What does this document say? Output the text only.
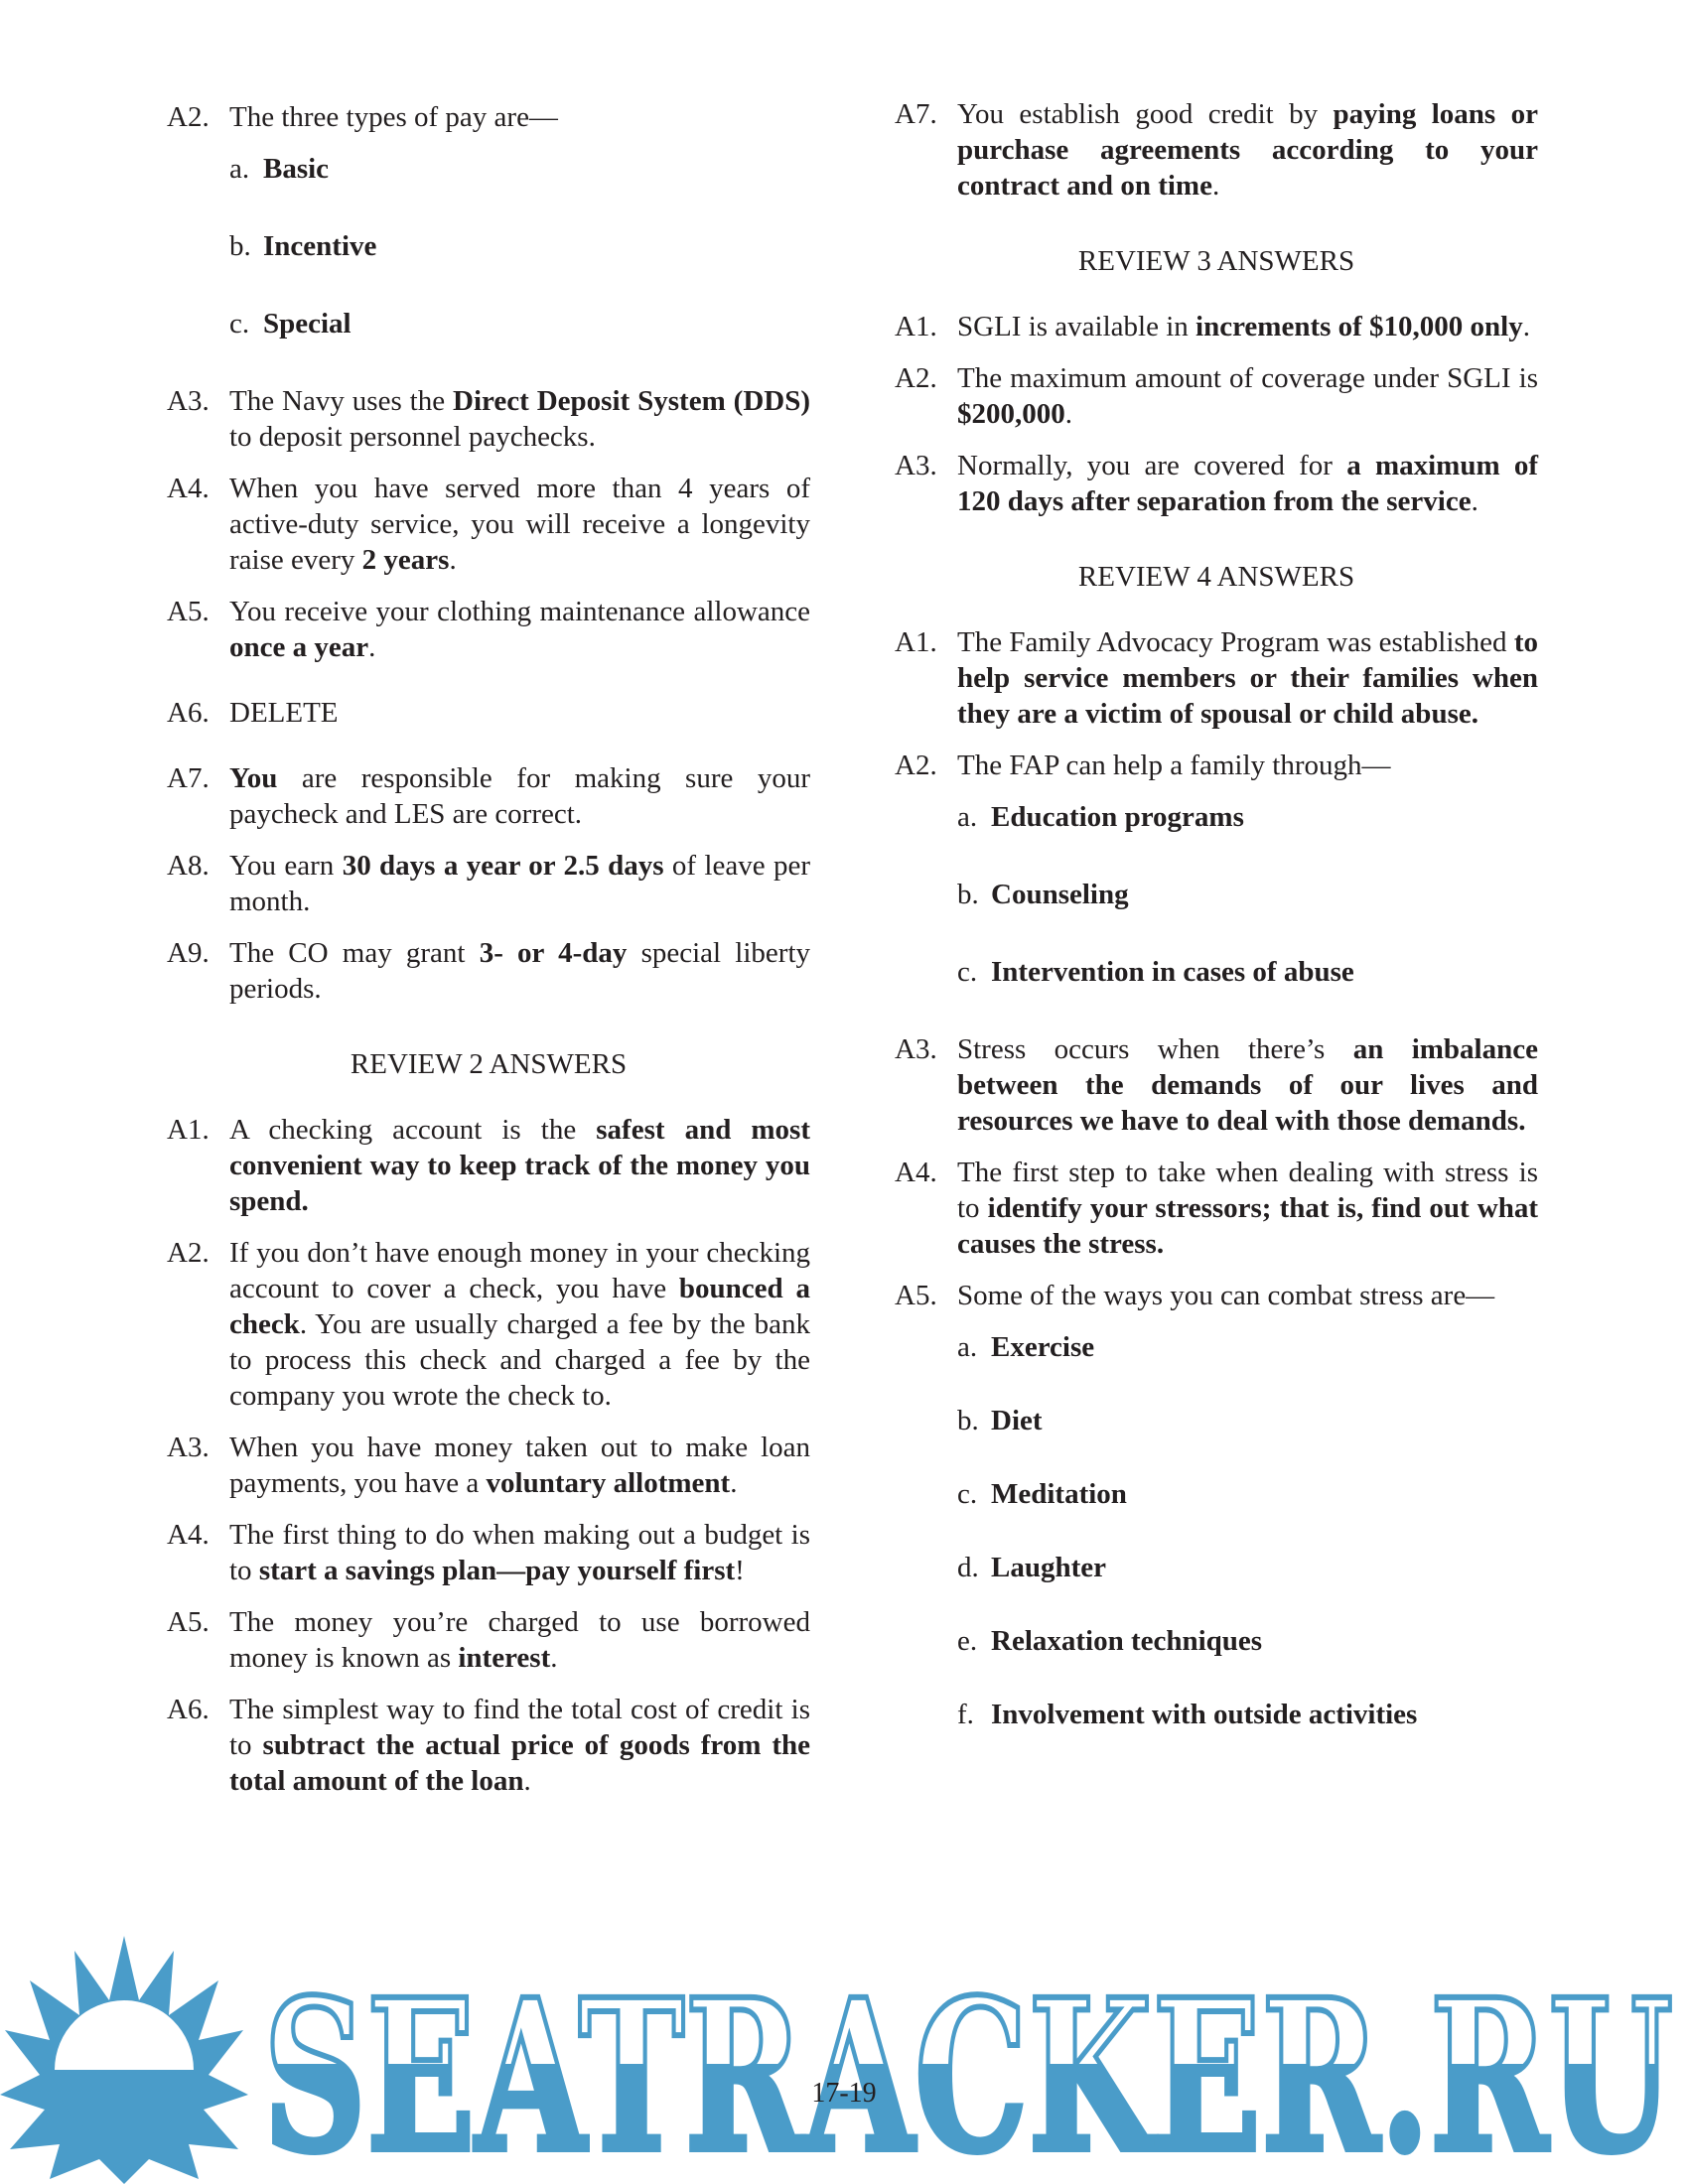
A2. The three types of pay are—
a. Basic
b. Incentive
c. Special
A3. The Navy uses the Direct Deposit System (DDS) to deposit personnel paychecks.
A4. When you have served more than 4 years of active-duty service, you will receive a longevity raise every 2 years.
A5. You receive your clothing maintenance allowance once a year.
A6. DELETE
A7. You are responsible for making sure your paycheck and LES are correct.
A8. You earn 30 days a year or 2.5 days of leave per month.
A9. The CO may grant 3- or 4-day special liberty periods.
REVIEW 2 ANSWERS
A1. A checking account is the safest and most convenient way to keep track of the money you spend.
A2. If you don’t have enough money in your checking account to cover a check, you have bounced a check. You are usually charged a fee by the bank to process this check and charged a fee by the company you wrote the check to.
A3. When you have money taken out to make loan payments, you have a voluntary allotment.
A4. The first thing to do when making out a budget is to start a savings plan—pay yourself first!
A5. The money you’re charged to use borrowed money is known as interest.
A6. The simplest way to find the total cost of credit is to subtract the actual price of goods from the total amount of the loan.
A7. You establish good credit by paying loans or purchase agreements according to your contract and on time.
REVIEW 3 ANSWERS
A1. SGLI is available in increments of $10,000 only.
A2. The maximum amount of coverage under SGLI is $200,000.
A3. Normally, you are covered for a maximum of 120 days after separation from the service.
REVIEW 4 ANSWERS
A1. The Family Advocacy Program was established to help service members or their families when they are a victim of spousal or child abuse.
A2. The FAP can help a family through—
a. Education programs
b. Counseling
c. Intervention in cases of abuse
A3. Stress occurs when there’s an imbalance between the demands of our lives and resources we have to deal with those demands.
A4. The first step to take when dealing with stress is to identify your stressors; that is, find out what causes the stress.
A5. Some of the ways you can combat stress are—
a. Exercise
b. Diet
c. Meditation
d. Laughter
e. Relaxation techniques
f. Involvement with outside activities
SEATRACKER.RU
17-19
